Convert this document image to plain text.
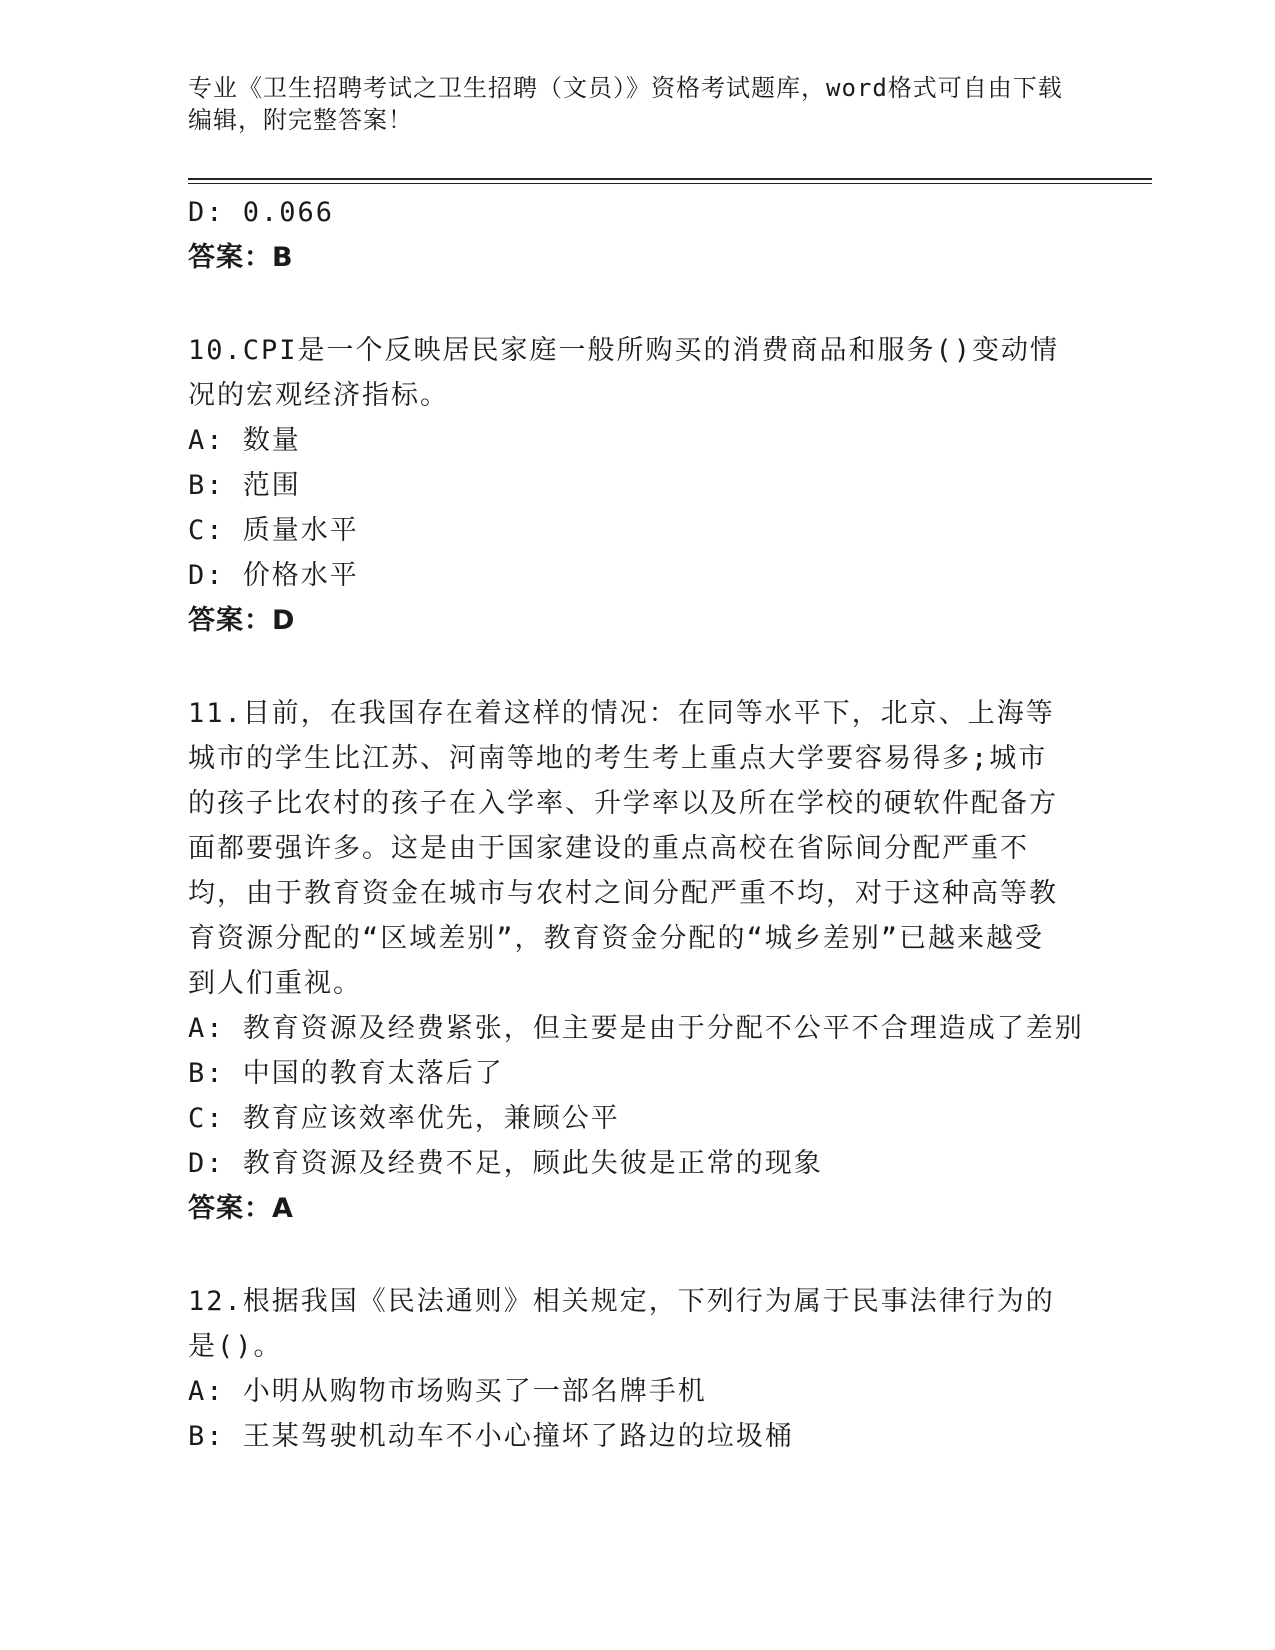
专业《卫生招聘考试之卫生招聘（文员）》资格考试题库，word格式可自由下载编辑，附完整答案！
D: 0.066
答案：B
10.CPI是一个反映居民家庭一般所购买的消费商品和服务()变动情况的宏观经济指标。
A: 数量
B: 范围
C: 质量水平
D: 价格水平
答案：D
11.目前，在我国存在着这样的情况：在同等水平下，北京、上海等城市的学生比江苏、河南等地的考生考上重点大学要容易得多;城市的孩子比农村的孩子在入学率、升学率以及所在学校的硬软件配备方面都要强许多。这是由于国家建设的重点高校在省际间分配严重不均，由于教育资金在城市与农村之间分配严重不均，对于这种高等教育资源分配的“区域差别”，教育资金分配的“城乡差别”已越来越受到人们重视。
A: 教育资源及经费紧张，但主要是由于分配不公平不合理造成了差别
B: 中国的教育太落后了
C: 教育应该效率优先，兼顾公平
D: 教育资源及经费不足，顾此失彼是正常的现象
答案：A
12.根据我国《民法通则》相关规定，下列行为属于民事法律行为的是()。
A: 小明从购物市场购买了一部名牌手机
B: 王某驾驶机动车不小心撞坏了路边的垃圾桶
